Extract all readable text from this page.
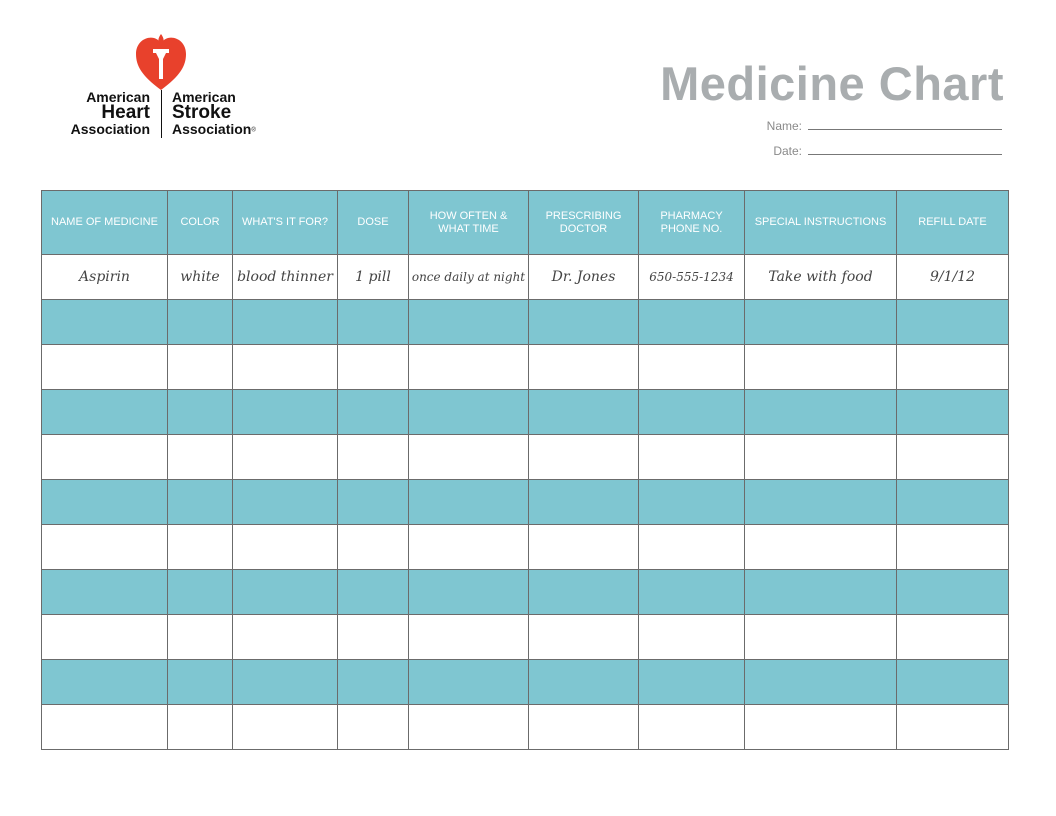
American
Heart
Association
American
Stroke
Association®
Medicine Chart
Name:
Date:
NAME OF MEDICINE	COLOR	WHAT'S IT FOR?	DOSE	HOW OFTEN & WHAT TIME	PRESCRIBING DOCTOR	PHARMACY PHONE NO.	SPECIAL INSTRUCTIONS	REFILL DATE
Aspirin	white	blood thinner	1 pill	once daily at night	Dr. Jones	650-555-1234	Take with food	9/1/12
